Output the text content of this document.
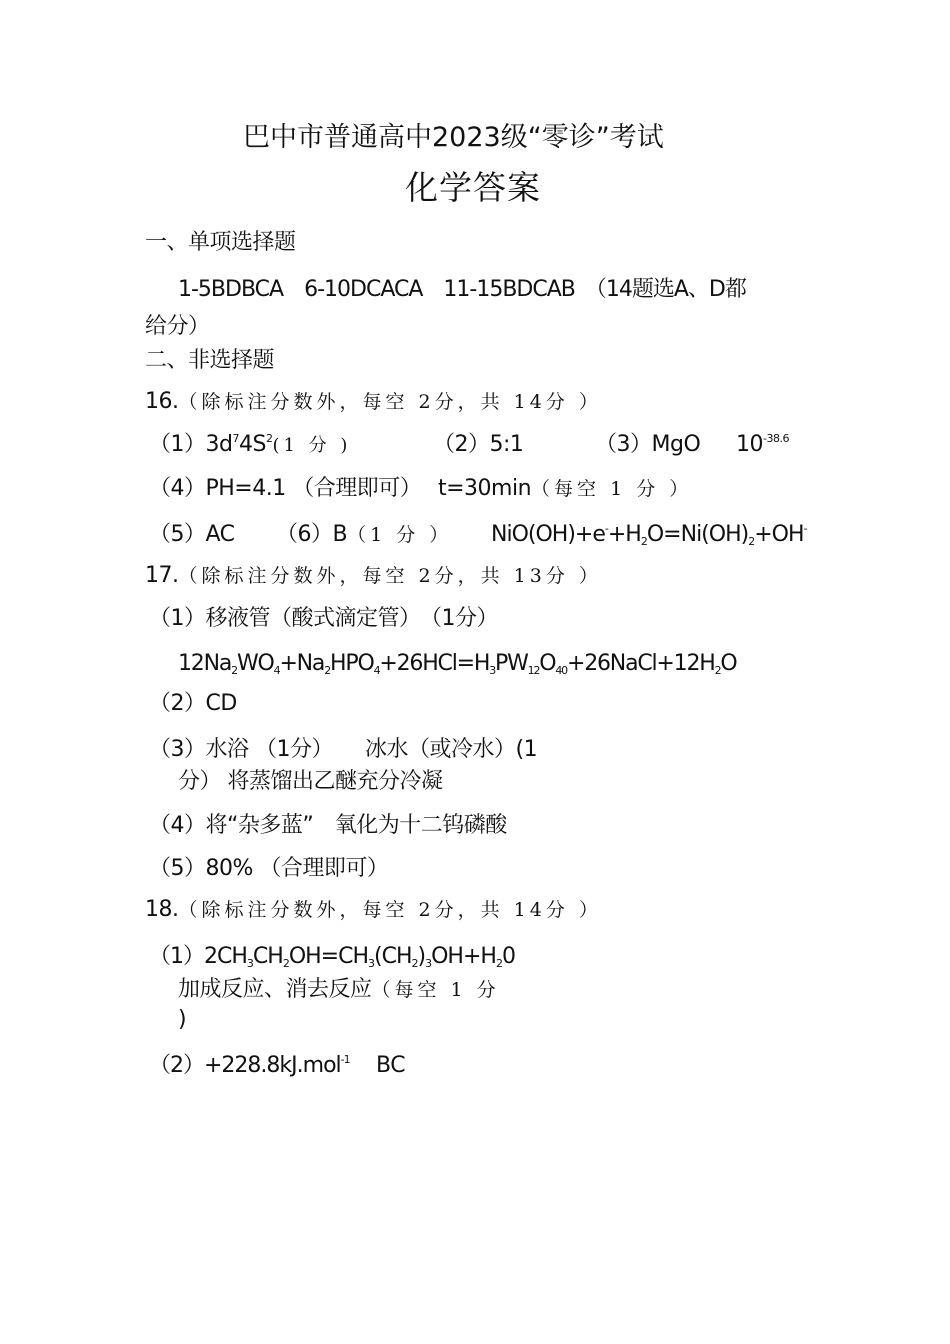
巴中市普通高中2023级“零诊”考试
化学答案
一、单项选择题
1-5BDBCA　6-10DCACA　11-15BDCAB　（14题选A、D都
给分）
二、非选择题
16.（除标注分数外，每空 2分，共 14分 ）
$(1)3d^74S^2(1$ 分 )	（2）5:1	（3）MgO $10^{-38.6}$
（4）PH=4.1 （合理即可） t=30min（每空 1 分 ）
（5）AC （6）B（1 分 ） $NiO(OH)+e^-+H_2O=Ni(OH)_2+OH^-$
17.（除标注分数外，每空 2分，共 13分 ）
（1）移液管（酸式滴定管）　（1分）
$12Na_2WO_4+Na_2HPO_4+26HCl=H_3PW_{12}O_{40}+26NaCl+12H_2O$
（2）CD
（3）水浴 （1分）　　冰水（或冷水）(1
分） 将蒸馏出乙醚充分冷凝
（4）将“杂多蓝”　氧化为十二钨磷酸
（5）80% （合理即可）
18.（除标注分数外，每空 2分，共 14分 ）
$(1)2CH_3CH_2OH=CH_3(CH_2)_3OH+H_20$
加成反应、消去反应（每空 1 分
)
（2）+228.8kJ.mol$^{-1}$ BC
